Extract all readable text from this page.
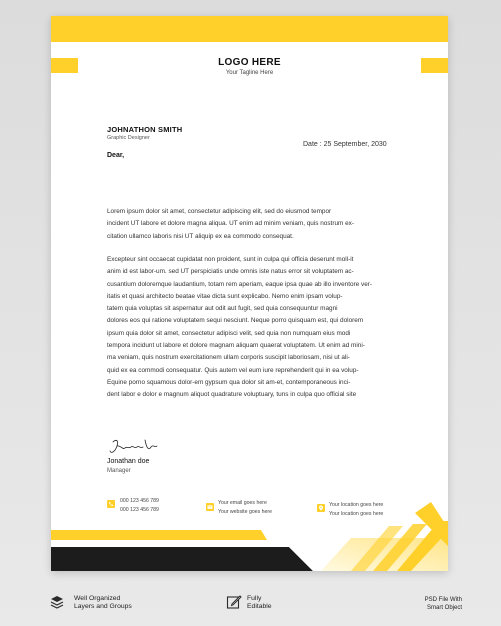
LOGO HERE
Your Tagline Here
JOHNATHON SMITH
Graphic Designer
Date : 25 September, 2030
Dear,
Lorem ipsum dolor sit amet, consectetur adipiscing elit, sed do eiusmod tempor
incident UT labore et dolore magna aliqua. UT enim ad minim veniam, quis nostrum ex-
citation ullamco laboris nisi UT aliquip ex ea commodo consequat.
Excepteur sint occaecat cupidatat non proident, sunt in culpa qui officia deserunt moll-it
anim id est labor-um. sed UT perspiciatis unde omnis iste natus error sit voluptatem ac-
cusantium doloremque laudantium, totam rem aperiam, eaque ipsa quae ab illo inventore ver-
itatis et quasi architecto beatae vitae dicta sunt explicabo. Nemo enim ipsam volup-
tatem quia voluptas sit aspernatur aut odit aut fugit, sed quia consequuntur magni
dolores eos qui ratione voluptatem sequi nesciunt. Neque porro quisquam est, qui dolorem
ipsum quia dolor sit amet, consectetur adipisci velit, sed quia non numquam eius modi
tempora incidunt ut labore et dolore magnam aliquam quaerat voluptatem. Ut enim ad mini-
ma veniam, quis nostrum exercitationem ullam corporis suscipit laboriosam, nisi ut ali-
quid ex ea commodi consequatur. Quis autem vel eum iure reprehenderit qui in ea volup-
Equine porno squamous dolor-em gypsum qua dolor sit am-et, contemporaneous inci-
dent labor e dolor e magnum aliquot quadrature voluptuary, tuns in culpa quo official site
Jonathan doe
Manager
000 123 456 789
000 123 456 789
Your email goes here
Your website goes here
Your location goes here
Your location goes here
Well Organized
Layers and Groups
Fully
Editable
PSD File With
Smart Object
